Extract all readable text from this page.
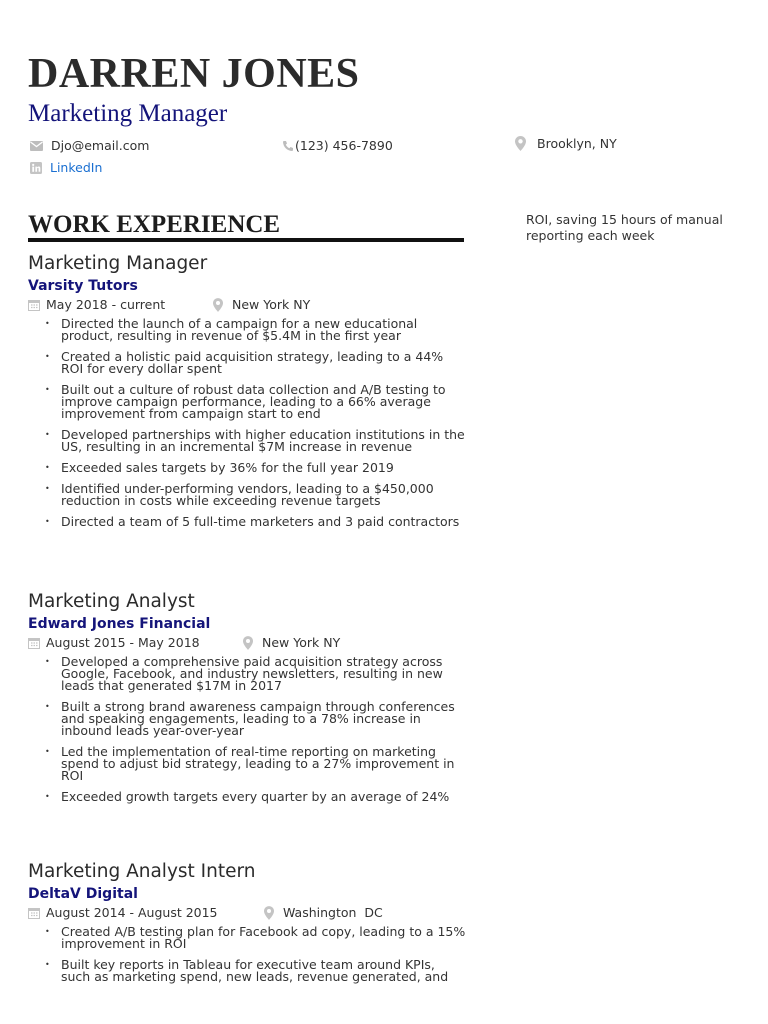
DARREN JONES
Marketing Manager
Djo@email.com	(123) 456-7890	Brooklyn, NY
LinkedIn
ROI, saving 15 hours of manual reporting each week
WORK EXPERIENCE
Marketing Manager
Varsity Tutors
May 2018 - current	New York NY
• Directed the launch of a campaign for a new educational product, resulting in revenue of $5.4M in the first year
• Created a holistic paid acquisition strategy, leading to a 44% ROI for every dollar spent
• Built out a culture of robust data collection and A/B testing to improve campaign performance, leading to a 66% average improvement from campaign start to end
• Developed partnerships with higher education institutions in the US, resulting in an incremental $7M increase in revenue
• Exceeded sales targets by 36% for the full year 2019
• Identified under-performing vendors, leading to a $450,000 reduction in costs while exceeding revenue targets
• Directed a team of 5 full-time marketers and 3 paid contractors
Marketing Analyst
Edward Jones Financial
August 2015 - May 2018	New York NY
• Developed a comprehensive paid acquisition strategy across Google, Facebook, and industry newsletters, resulting in new leads that generated $17M in 2017
• Built a strong brand awareness campaign through conferences and speaking engagements, leading to a 78% increase in inbound leads year-over-year
• Led the implementation of real-time reporting on marketing spend to adjust bid strategy, leading to a 27% improvement in ROI
• Exceeded growth targets every quarter by an average of 24%
Marketing Analyst Intern
DeltaV Digital
August 2014 - August 2015	Washington  DC
• Created A/B testing plan for Facebook ad copy, leading to a 15% improvement in ROI
• Built key reports in Tableau for executive team around KPIs, such as marketing spend, new leads, revenue generated, and
